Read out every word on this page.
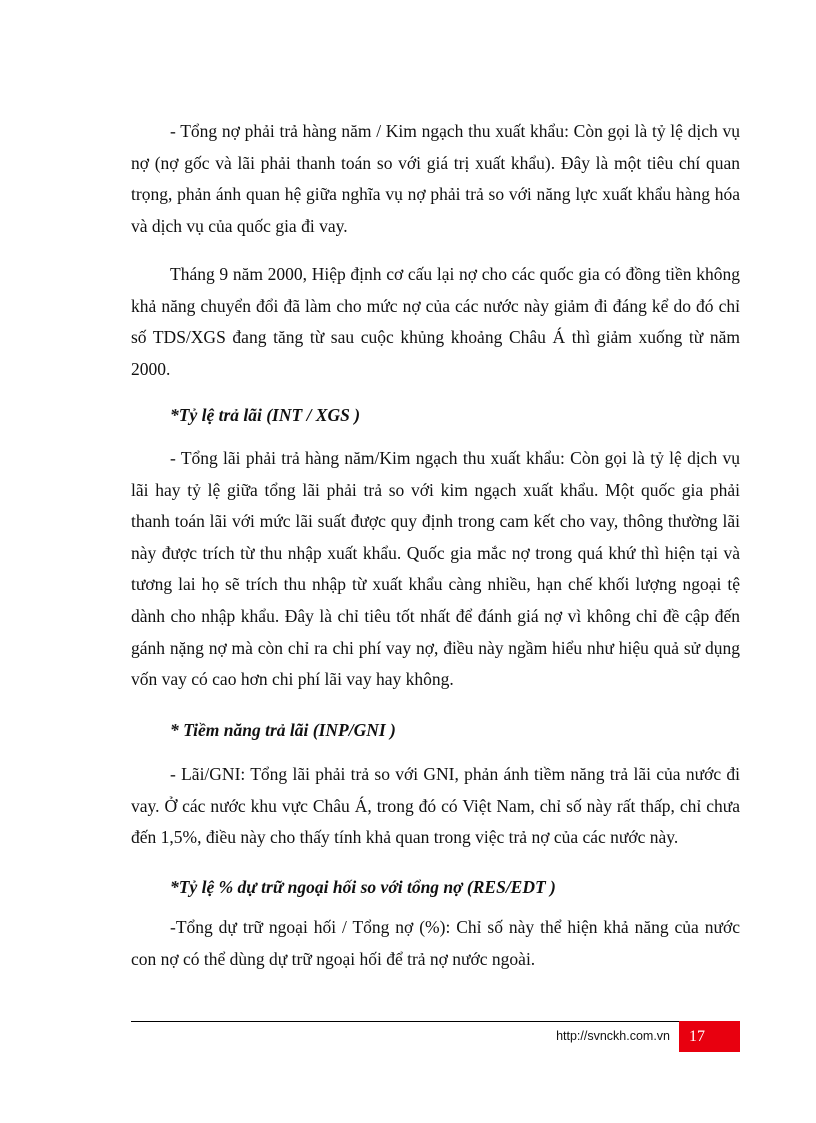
- Tổng nợ phải trả hàng năm / Kim ngạch thu xuất khẩu: Còn gọi là tỷ lệ dịch vụ nợ (nợ gốc và lãi phải thanh toán so với giá trị xuất khẩu). Đây là một tiêu chí quan trọng, phản ánh quan hệ giữa nghĩa vụ nợ phải trả so với năng lực xuất khẩu hàng hóa và dịch vụ của quốc gia đi vay.

Tháng 9 năm 2000, Hiệp định cơ cấu lại nợ cho các quốc gia có đồng tiền không khả năng chuyển đổi đã làm cho mức nợ của các nước này giảm đi đáng kể do đó chỉ số TDS/XGS đang tăng từ sau cuộc khủng khoảng Châu Á thì giảm xuống từ năm 2000.

*Tỷ lệ trả lãi (INT / XGS )

- Tổng lãi phải trả hàng năm/Kim ngạch thu xuất khẩu: Còn gọi là tỷ lệ dịch vụ lãi hay tỷ lệ giữa tổng lãi phải trả so với kim ngạch xuất khẩu. Một quốc gia phải thanh toán lãi với mức lãi suất được quy định trong cam kết cho vay, thông thường lãi này được trích từ thu nhập xuất khẩu. Quốc gia mắc nợ trong quá khứ thì hiện tại và tương lai họ sẽ trích thu nhập từ xuất khẩu càng nhiều, hạn chế khối lượng ngoại tệ dành cho nhập khẩu. Đây là chỉ tiêu tốt nhất để đánh giá nợ vì không chỉ đề cập đến gánh nặng nợ mà còn chỉ ra chi phí vay nợ, điều này ngầm hiểu như hiệu quả sử dụng vốn vay có cao hơn chi phí lãi vay hay không.

* Tiềm năng trả lãi (INP/GNI )

- Lãi/GNI: Tổng lãi phải trả so với GNI, phản ánh tiềm năng trả lãi của nước đi vay. Ở các nước khu vực Châu Á, trong đó có Việt Nam, chỉ số này rất thấp, chỉ chưa đến 1,5%, điều này cho thấy tính khả quan trong việc trả nợ của các nước này.

*Tỷ lệ % dự trữ ngoại hối so với tổng nợ (RES/EDT )

-Tổng dự trữ ngoại hối / Tổng nợ (%): Chỉ số này thể hiện khả năng của nước con nợ có thể dùng dự trữ ngoại hối để trả nợ nước ngoài.

http://svnckh.com.vn	17
